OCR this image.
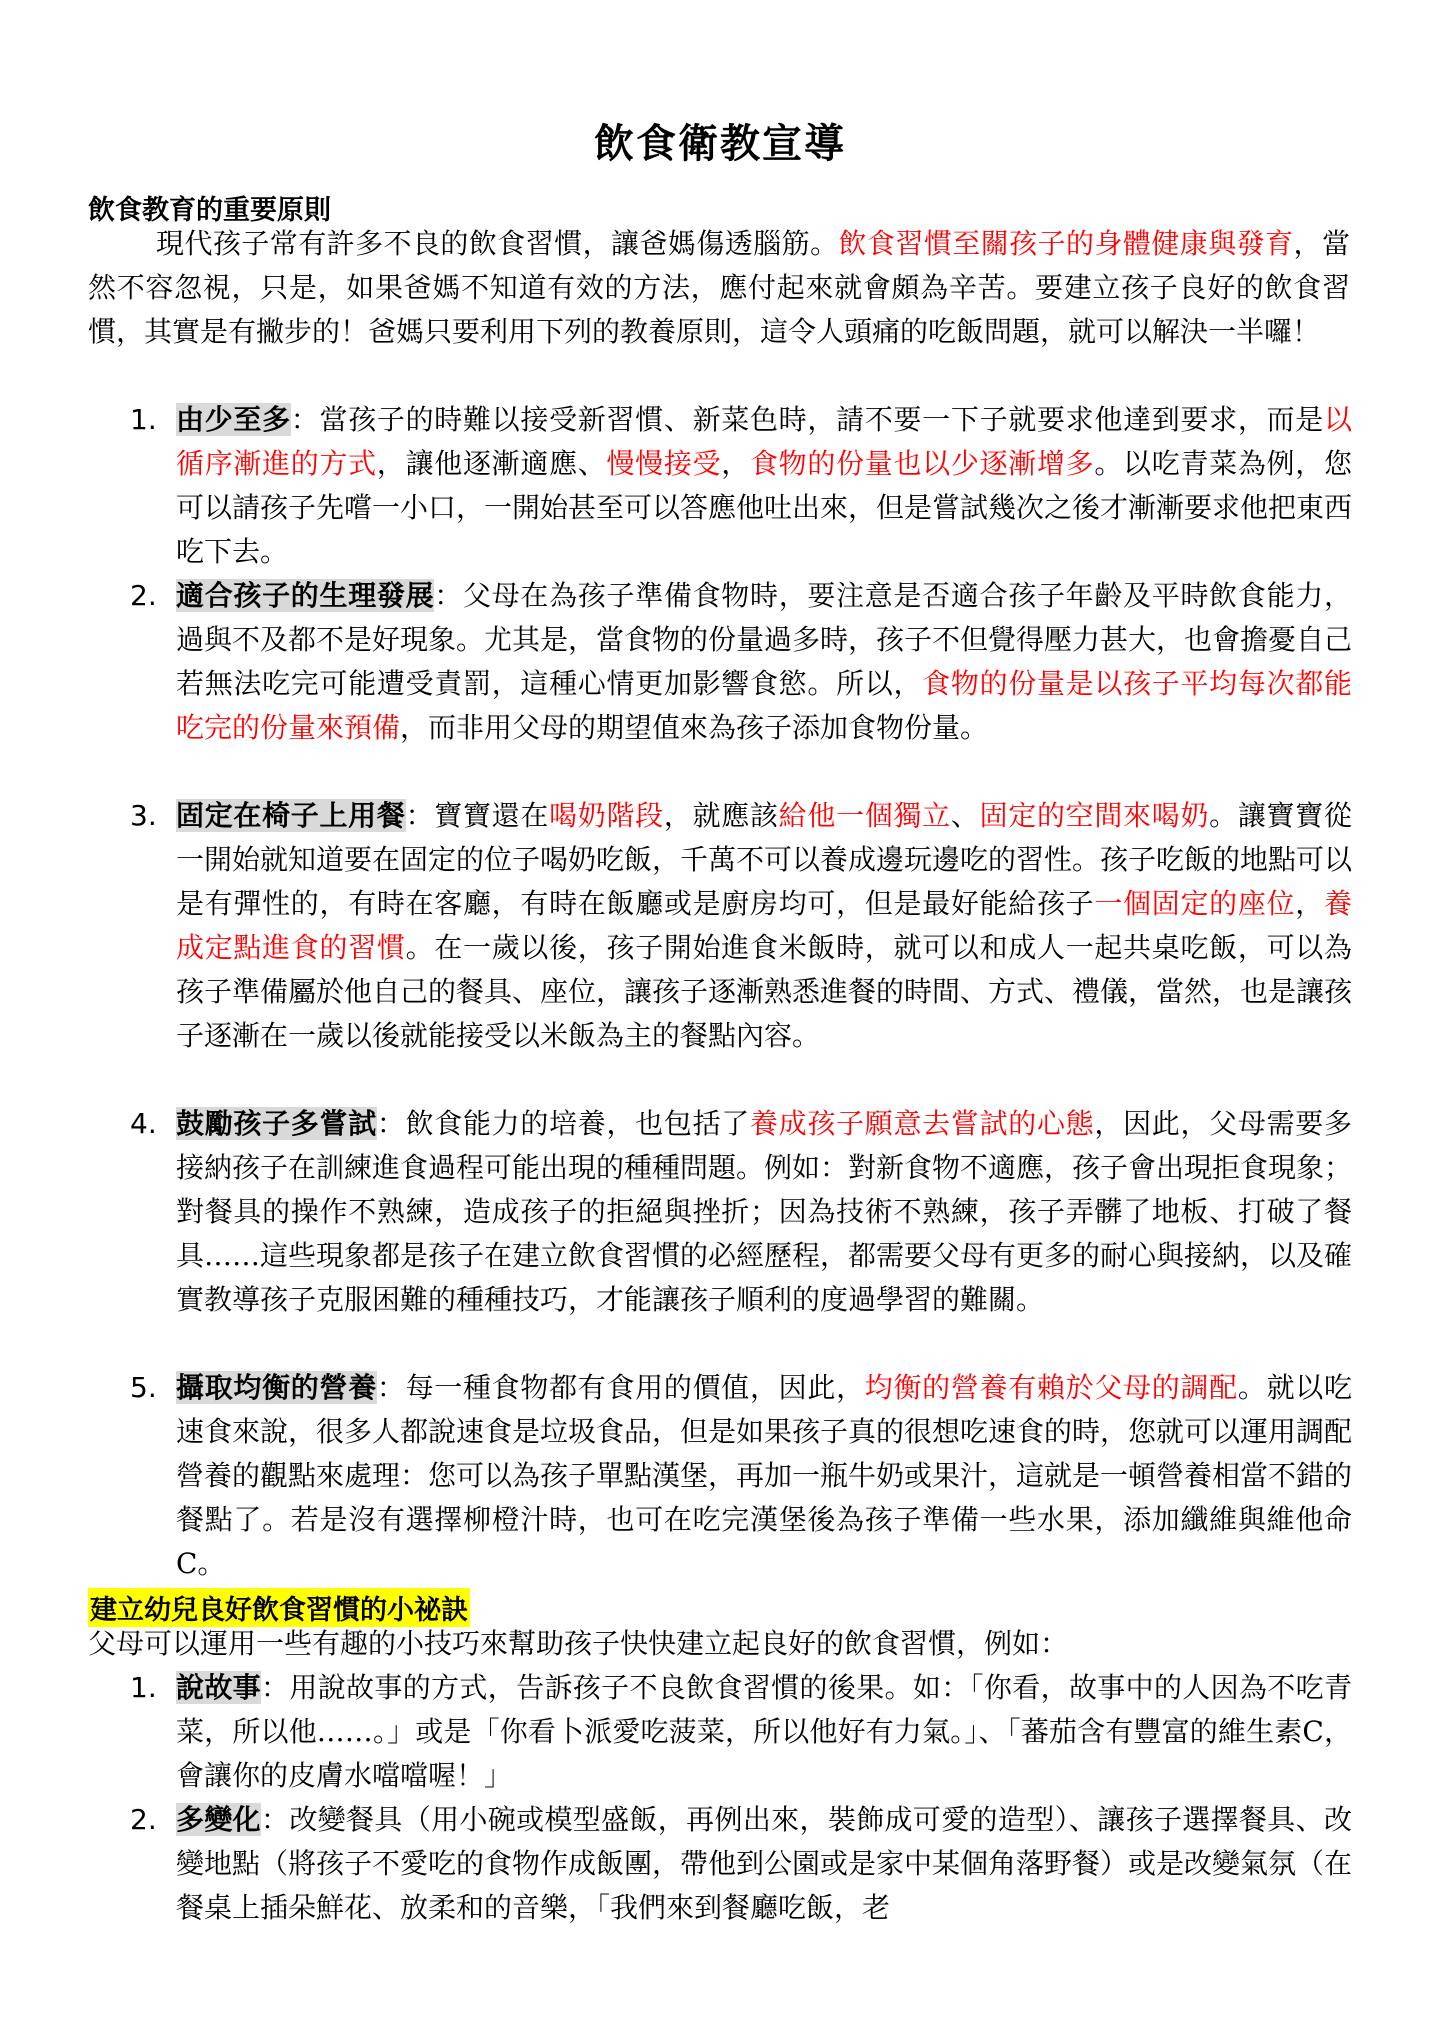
飲食衛教宣導
飲食教育的重要原則
現代孩子常有許多不良的飲食習慣，讓爸媽傷透腦筋。飲食習慣至關孩子的身體健康與發育，當然不容忽視，只是，如果爸媽不知道有效的方法，應付起來就會頗為辛苦。要建立孩子良好的飲食習慣，其實是有撇步的！爸媽只要利用下列的教養原則，這令人頭痛的吃飯問題，就可以解決一半囉！
1. 由少至多：當孩子的時難以接受新習慣、新菜色時，請不要一下子就要求他達到要求，而是以循序漸進的方式，讓他逐漸適應、慢慢接受，食物的份量也以少逐漸增多。以吃青菜為例，您可以請孩子先嚐一小口，一開始甚至可以答應他吐出來，但是嘗試幾次之後才漸漸要求他把東西吃下去。
2. 適合孩子的生理發展：父母在為孩子準備食物時，要注意是否適合孩子年齡及平時飲食能力，過與不及都不是好現象。尤其是，當食物的份量過多時，孩子不但覺得壓力甚大，也會擔憂自己若無法吃完可能遭受責罰，這種心情更加影響食慾。所以，食物的份量是以孩子平均每次都能吃完的份量來預備，而非用父母的期望值來為孩子添加食物份量。
3. 固定在椅子上用餐：寶寶還在喝奶階段，就應該給他一個獨立、固定的空間來喝奶。讓寶寶從一開始就知道要在固定的位子喝奶吃飯，千萬不可以養成邊玩邊吃的習性。孩子吃飯的地點可以是有彈性的，有時在客廳，有時在飯廳或是廚房均可，但是最好能給孩子一個固定的座位，養成定點進食的習慣。在一歲以後，孩子開始進食米飯時，就可以和成人一起共桌吃飯，可以為孩子準備屬於他自己的餐具、座位，讓孩子逐漸熟悉進餐的時間、方式、禮儀，當然，也是讓孩子逐漸在一歲以後就能接受以米飯為主的餐點內容。
4. 鼓勵孩子多嘗試：飲食能力的培養，也包括了養成孩子願意去嘗試的心態，因此，父母需要多接納孩子在訓練進食過程可能出現的種種問題。例如：對新食物不適應，孩子會出現拒食現象；對餐具的操作不熟練，造成孩子的拒絕與挫折；因為技術不熟練，孩子弄髒了地板、打破了餐具……這些現象都是孩子在建立飲食習慣的必經歷程，都需要父母有更多的耐心與接納，以及確實教導孩子克服困難的種種技巧，才能讓孩子順利的度過學習的難關。
5. 攝取均衡的營養：每一種食物都有食用的價值，因此，均衡的營養有賴於父母的調配。就以吃速食來說，很多人都說速食是垃圾食品，但是如果孩子真的很想吃速食的時，您就可以運用調配營養的觀點來處理：您可以為孩子單點漢堡，再加一瓶牛奶或果汁，這就是一頓營養相當不錯的餐點了。若是沒有選擇柳橙汁時，也可在吃完漢堡後為孩子準備一些水果，添加纖維與維他命C。
建立幼兒良好飲食習慣的小祕訣
父母可以運用一些有趣的小技巧來幫助孩子快快建立起良好的飲食習慣，例如：
1. 說故事：用說故事的方式，告訴孩子不良飲食習慣的後果。如：「你看，故事中的人因為不吃青菜，所以他……。」或是「你看卜派愛吃菠菜，所以他好有力氣。」、「蕃茄含有豐富的維生素C，會讓你的皮膚水噹噹喔！」
2. 多變化：改變餐具（用小碗或模型盛飯，再例出來，裝飾成可愛的造型）、讓孩子選擇餐具、改變地點（將孩子不愛吃的食物作成飯團，帶他到公園或是家中某個角落野餐）或是改變氣氛（在餐桌上插朵鮮花、放柔和的音樂，「我們來到餐廳吃飯，老
